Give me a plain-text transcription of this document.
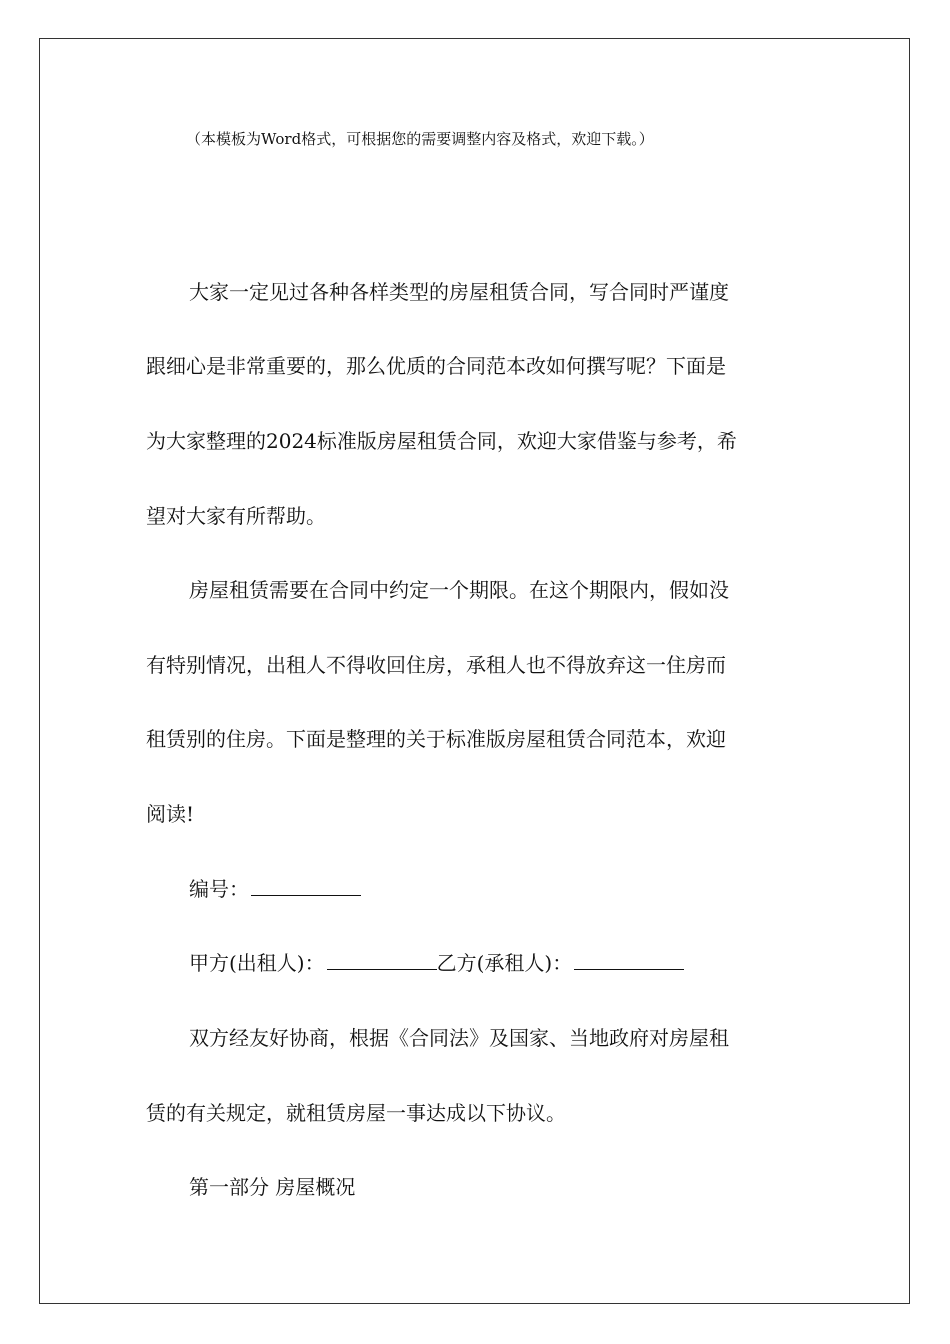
（本模板为Word格式，可根据您的需要调整内容及格式，欢迎下载。）
大家一定见过各种各样类型的房屋租赁合同，写合同时严谨度
跟细心是非常重要的，那么优质的合同范本改如何撰写呢？下面是
为大家整理的2024标准版房屋租赁合同，欢迎大家借鉴与参考，希
望对大家有所帮助。
房屋租赁需要在合同中约定一个期限。在这个期限内，假如没
有特别情况，出租人不得收回住房，承租人也不得放弃这一住房而
租赁别的住房。下面是整理的关于标准版房屋租赁合同范本，欢迎
阅读!
编号：
甲方(出租人)：	乙方(承租人)：
双方经友好协商，根据《合同法》及国家、当地政府对房屋租
赁的有关规定，就租赁房屋一事达成以下协议。
第一部分 房屋概况
